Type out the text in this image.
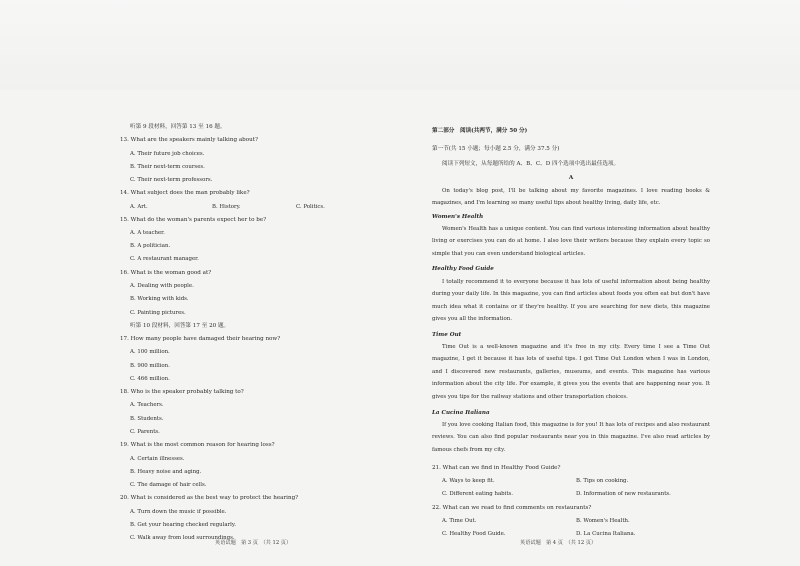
听第 9 段材料，回答第 13 至 16 题。
13. What are the speakers mainly talking about?
A. Their future job choices.
B. Their next-term courses.
C. Their next-term professors.
14. What subject does the man probably like?
A. Art.	B. History.	C. Politics.
15. What do the woman's parents expect her to be?
A. A teacher.
B. A politician.
C. A restaurant manager.
16. What is the woman good at?
A. Dealing with people.
B. Working with kids.
C. Painting pictures.
听第 10 段材料，回答第 17 至 20 题。
17. How many people have damaged their hearing now?
A. 100 million.
B. 900 million.
C. 466 million.
18. Who is the speaker probably talking to?
A. Teachers.
B. Students.
C. Parents.
19. What is the most common reason for hearing loss?
A. Certain illnesses.
B. Heavy noise and aging.
C. The damage of hair cells.
20. What is considered as the best way to protect the hearing?
A. Turn down the music if possible.
B. Get your hearing checked regularly.
C. Walk away from loud surroundings.
英语试题　第 3 页　（共 12 页）
第二部分　阅读(共两节，满分 50 分)
第一节(共 15 小题；每小题 2.5 分，满分 37.5 分)
阅读下列短文，从每题所给的 A、B、C、D 四个选项中选出最佳选项。
A
On today's blog post, I'll be talking about my favorite magazines. I love reading books & magazines, and I'm learning so many useful tips about healthy living, daily life, etc.
Women's Health
Women's Health has a unique content. You can find various interesting information about healthy living or exercises you can do at home. I also love their writers because they explain every topic so simple that you can even understand biological articles.
Healthy Food Guide
I totally recommend it to everyone because it has lots of useful information about being healthy during your daily life. In this magazine, you can find articles about foods you often eat but don't have much idea what it contains or if they're healthy. If you are searching for new diets, this magazine gives you all the information.
Time Out
Time Out is a well-known magazine and it's free in my city. Every time I see a Time Out magazine, I get it because it has lots of useful tips. I got Time Out London when I was in London, and I discovered new restaurants, galleries, museums, and events. This magazine has various information about the city life. For example, it gives you the events that are happening near you. It gives you tips for the railway stations and other transportation choices.
La Cucina Italiana
If you love cooking Italian food, this magazine is for you! It has lots of recipes and also restaurant reviews. You can also find popular restaurants near you in this magazine. I've also read articles by famous chefs from my city.
21. What can we find in Healthy Food Guide?
A. Ways to keep fit.	B. Tips on cooking.
C. Different eating habits.	D. Information of new restaurants.
22. What can we read to find comments on restaurants?
A. Time Out.	B. Women's Health.
C. Healthy Food Guide.	D. La Cucina Italiana.
英语试题　第 4 页　（共 12 页）
